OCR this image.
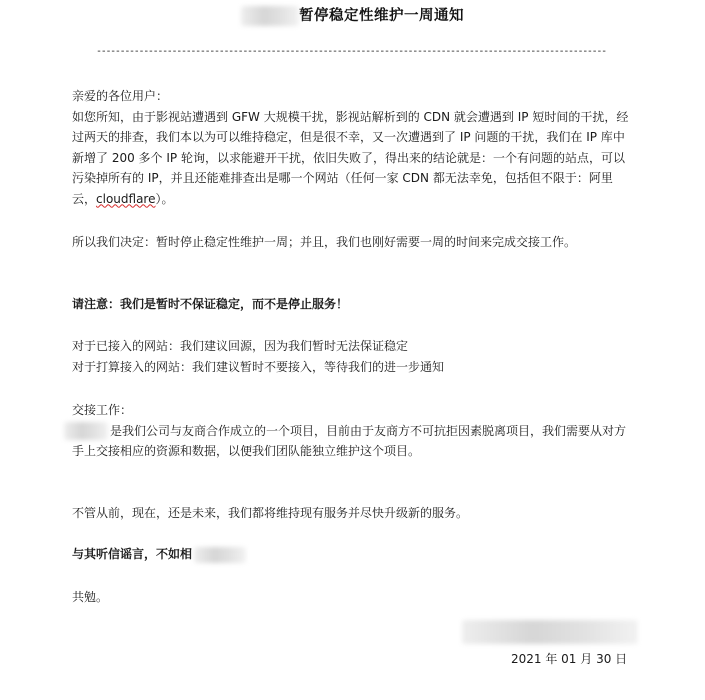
暂停稳定性维护一周通知
------------------------------------------------------------------------------------------------------------

亲爱的各位用户：

如您所知，由于影视站遭遇到 GFW 大规模干扰，影视站解析到的 CDN 就会遭遇到 IP 短时间的干扰，经过两天的排查，我们本以为可以维持稳定，但是很不幸，又一次遭遇到了 IP 问题的干扰，我们在 IP 库中新增了 200 多个 IP 轮询，以求能避开干扰，依旧失败了，得出来的结论就是：一个有问题的站点，可以污染掉所有的 IP，并且还能难排查出是哪一个网站（任何一家 CDN 都无法幸免，包括但不限于：阿里云，cloudflare）。

所以我们决定：暂时停止稳定性维护一周；并且，我们也刚好需要一周的时间来完成交接工作。

请注意：我们是暂时不保证稳定，而不是停止服务！

对于已接入的网站：我们建议回源，因为我们暂时无法保证稳定

对于打算接入的网站：我们建议暂时不要接入，等待我们的进一步通知

交接工作：

是我们公司与友商合作成立的一个项目，目前由于友商方不可抗拒因素脱离项目，我们需要从对方手上交接相应的资源和数据，以便我们团队能独立维护这个项目。

不管从前，现在，还是未来，我们都将维持现有服务并尽快升级新的服务。

与其听信谣言，不如相

共勉。

2021 年 01 月 30 日
